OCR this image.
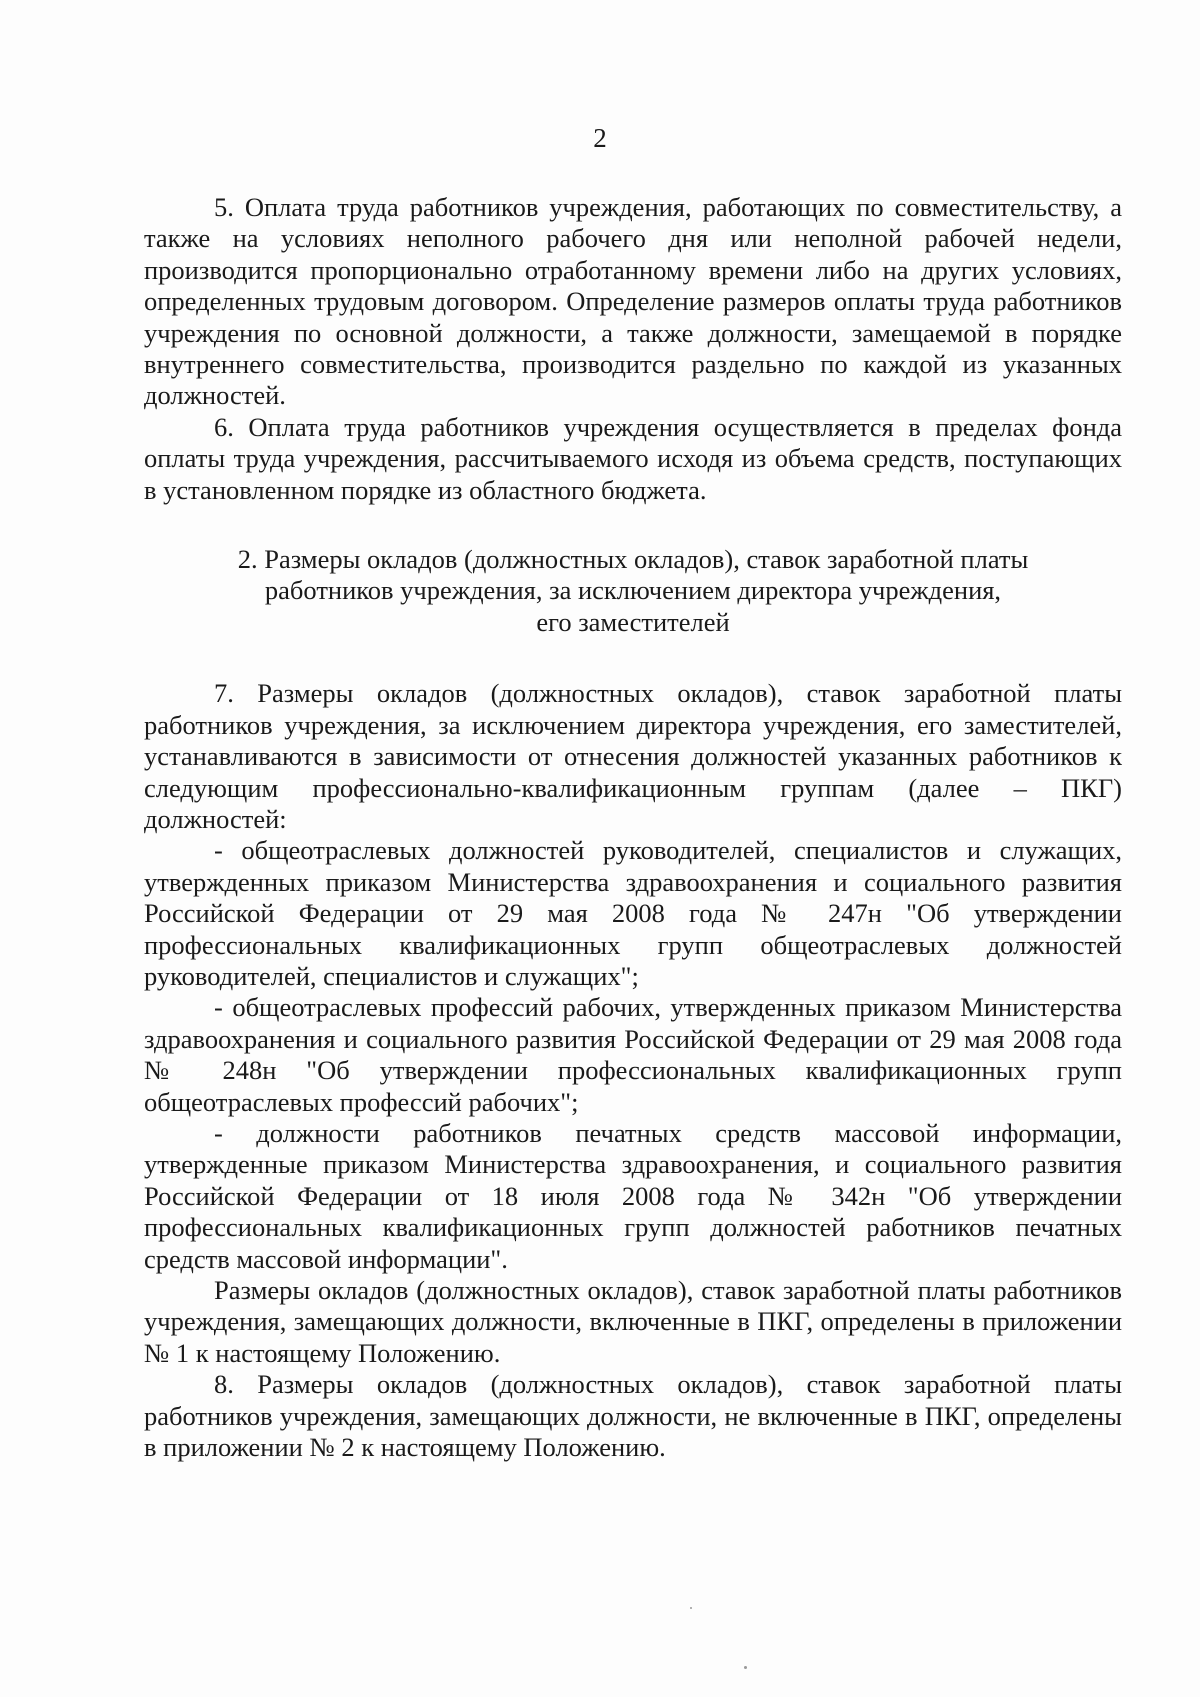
2

5. Оплата труда работников учреждения, работающих по совместительству, а также на условиях неполного рабочего дня или неполной рабочей недели, производится пропорционально отработанному времени либо на других условиях, определенных трудовым договором. Определение размеров оплаты труда работников учреждения по основной должности, а также должности, замещаемой в порядке внутреннего совместительства, производится раздельно по каждой из указанных должностей.

6. Оплата труда работников учреждения осуществляется в пределах фонда оплаты труда учреждения, рассчитываемого исходя из объема средств, поступающих в установленном порядке из областного бюджета.

2. Размеры окладов (должностных окладов), ставок заработной платы
работников учреждения, за исключением директора учреждения,
его заместителей

7. Размеры окладов (должностных окладов), ставок заработной платы работников учреждения, за исключением директора учреждения, его заместителей, устанавливаются в зависимости от отнесения должностей указанных работников к следующим профессионально-квалификационным группам (далее – ПКГ) должностей:

- общеотраслевых должностей руководителей, специалистов и служащих, утвержденных приказом Министерства здравоохранения и социального развития Российской Федерации от 29 мая 2008 года № 247н "Об утверждении профессиональных квалификационных групп общеотраслевых должностей руководителей, специалистов и служащих";

- общеотраслевых профессий рабочих, утвержденных приказом Министерства здравоохранения и социального развития Российской Федерации от 29 мая 2008 года № 248н "Об утверждении профессиональных квалификационных групп общеотраслевых профессий рабочих";

- должности работников печатных средств массовой информации, утвержденные приказом Министерства здравоохранения, и социального развития Российской Федерации от 18 июля 2008 года № 342н "Об утверждении профессиональных квалификационных групп должностей работников печатных средств массовой информации".

Размеры окладов (должностных окладов), ставок заработной платы работников учреждения, замещающих должности, включенные в ПКГ, определены в приложении № 1 к настоящему Положению.

8. Размеры окладов (должностных окладов), ставок заработной платы работников учреждения, замещающих должности, не включенные в ПКГ, определены в приложении № 2 к настоящему Положению.
